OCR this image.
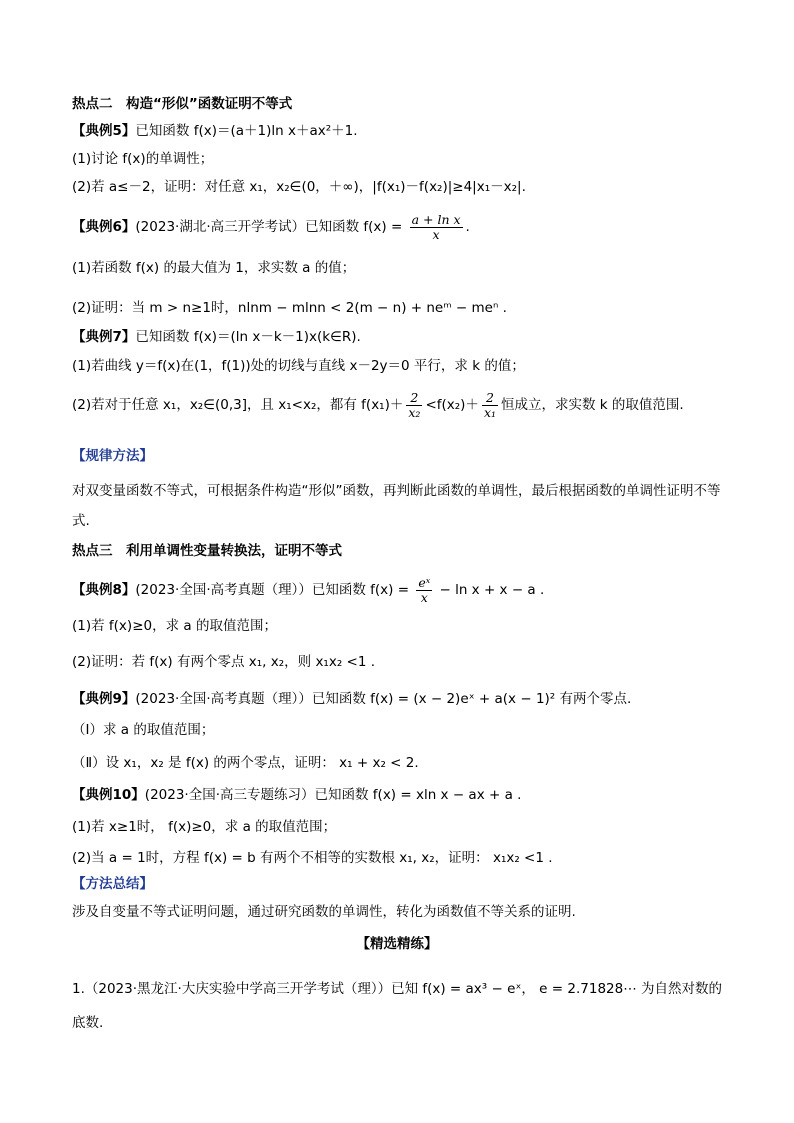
热点二　构造“形似”函数证明不等式
【典例5】已知函数 f(x)＝(a＋1)ln x＋ax²＋1.
(1)讨论 f(x)的单调性；
(2)若 a≤－2，证明：对任意 x₁，x₂∈(0，＋∞)，|f(x₁)－f(x₂)|≥4|x₁－x₂|.
【典例6】(2023·湖北·高三开学考试）已知函数 $f(x) = \frac{\text{a + ln x}}{x}$ .
(1)若函数 f(x) 的最大值为 1，求实数 a 的值；
(2)证明：当 m > n≥1时，nlnm − mlnn < 2(m − n) + neᵐ − meⁿ .
【典例7】已知函数 f(x)＝(ln x－k－1)x(k∈R).
(1)若曲线 y＝f(x)在(1，f(1))处的切线与直线 x－2y＝0 平行，求 k 的值；
(2)若对于任意 x₁，x₂∈(0,3]，且 x₁<x₂，都有 $f(x_1)+ \frac{2}{\text{x₂}} <f(x_2)+ \frac{2}{\text{x₁}}$ 恒成立，求实数 k 的取值范围.
【规律方法】
对双变量函数不等式，可根据条件构造“形似”函数，再判断此函数的单调性，最后根据函数的单调性证明不等式.
热点三　利用单调性变量转换法，证明不等式
【典例8】(2023·全国·高考真题（理））已知函数 $f(x) = \frac{\text{eˣ}}{x} - \ln x + x - a$ .
(1)若 f(x)≥0，求 a 的取值范围；
(2)证明：若 f(x) 有两个零点 x₁, x₂，则 x₁x₂ <1 .
【典例9】(2023·全国·高考真题（理））已知函数 f(x) = (x − 2)eˣ + a(x − 1)² 有两个零点.
（Ⅰ）求 a 的取值范围；
（Ⅱ）设 x₁，x₂ 是 f(x) 的两个零点，证明： x₁ + x₂ < 2.
【典例10】(2023·全国·高三专题练习）已知函数 f(x) = xln x − ax + a .
(1)若 x≥1时， f(x)≥0，求 a 的取值范围；
(2)当 a = 1时，方程 f(x) = b 有两个不相等的实数根 x₁, x₂，证明： x₁x₂ <1 .
【方法总结】
涉及自变量不等式证明问题，通过研究函数的单调性，转化为函数值不等关系的证明.
【精选精练】
1.（2023·黑龙江·大庆实验中学高三开学考试（理））已知 f(x) = ax³ − eˣ， e = 2.71828⋯ 为自然对数的底数.
